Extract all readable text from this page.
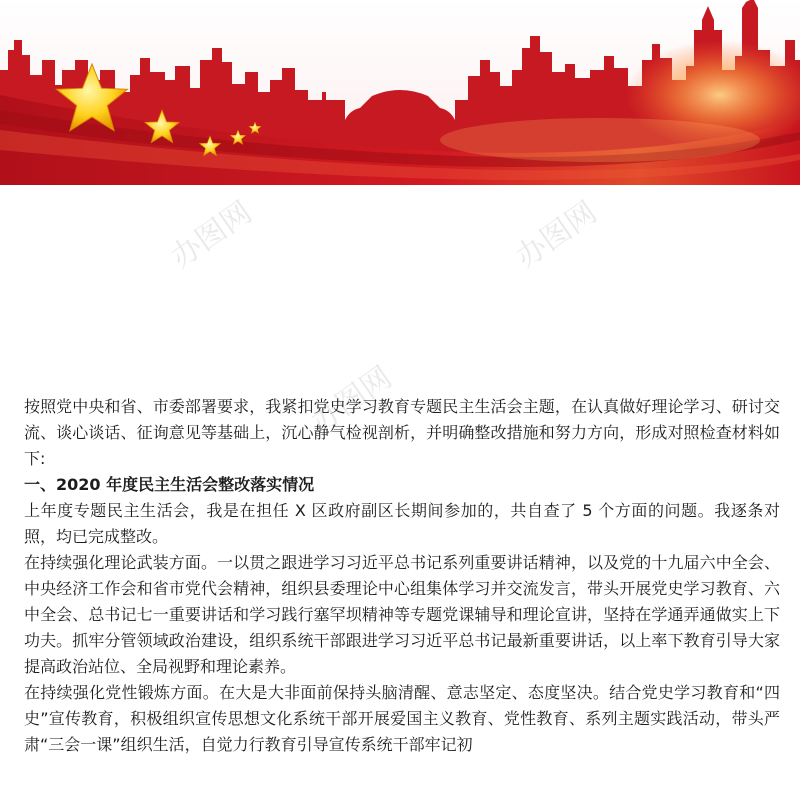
办图网	办图网
办图网

按照党中央和省、市委部署要求，我紧扣党史学习教育专题民主生活会主题，在认真做好理论学习、研讨交流、谈心谈话、征询意见等基础上，沉心静气检视剖析，并明确整改措施和努力方向，形成对照检查材料如下:

一、2020 年度民主生活会整改落实情况

上年度专题民主生活会，我是在担任 X 区政府副区长期间参加的，共自查了 5 个方面的问题。我逐条对照，均已完成整改。

在持续强化理论武装方面。一以贯之跟进学习习近平总书记系列重要讲话精神，以及党的十九届六中全会、中央经济工作会和省市党代会精神，组织县委理论中心组集体学习并交流发言，带头开展党史学习教育、六中全会、总书记七一重要讲话和学习践行塞罕坝精神等专题党课辅导和理论宣讲，坚持在学通弄通做实上下功夫。抓牢分管领域政治建设，组织系统干部跟进学习习近平总书记最新重要讲话，以上率下教育引导大家提高政治站位、全局视野和理论素养。

在持续强化党性锻炼方面。在大是大非面前保持头脑清醒、意志坚定、态度坚决。结合党史学习教育和“四史”宣传教育，积极组织宣传思想文化系统干部开展爱国主义教育、党性教育、系列主题实践活动，带头严肃“三会一课”组织生活，自觉力行教育引导宣传系统干部牢记初
